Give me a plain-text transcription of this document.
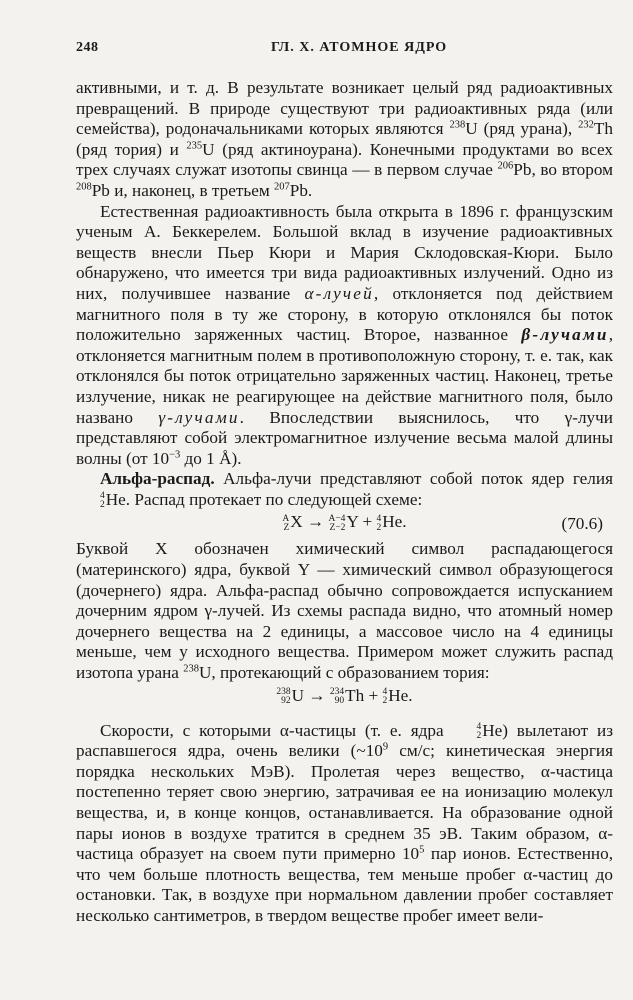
248	ГЛ. X. АТОМНОЕ ЯДРО

активными, и т. д. В результате возникает целый ряд радиоактивных превращений. В природе существуют три радиоактивных ряда (или семейства), родоначальниками которых являются $^{238}$U (ряд урана), $^{232}$Th (ряд тория) и $^{235}$U (ряд актиноурана). Конечными продуктами во всех трех случаях служат изотопы свинца — в первом случае $^{206}$Pb, во втором $^{208}$Pb и, наконец, в третьем $^{207}$Pb.

Естественная радиоактивность была открыта в 1896 г. французским ученым А. Беккерелем. Большой вклад в изучение радиоактивных веществ внесли Пьер Кюри и Мария Склодовская-Кюри. Было обнаружено, что имеется три вида радиоактивных излучений. Одно из них, получившее название α-лучей, отклоняется под действием магнитного поля в ту же сторону, в которую отклонялся бы поток положительно заряженных частиц. Второе, названное β-лучами, отклоняется магнитным полем в противоположную сторону, т. е. так, как отклонялся бы поток отрицательно заряженных частиц. Наконец, третье излучение, никак не реагирующее на действие магнитного поля, было названо γ-лучами. Впоследствии выяснилось, что γ-лучи представляют собой электромагнитное излучение весьма малой длины волны (от $10^{-3}$ до 1 Å).

Альфа-распад. Альфа-лучи представляют собой поток ядер гелия
4
2 He. Распад протекает по следующей схеме:

A
Z X → A−4
Z−2 Y + 4
2 He.	(70.6)

Буквой X обозначен химический символ распадающегося (материнского) ядра, буквой Y — химический символ образующегося (дочернего) ядра. Альфа-распад обычно сопровождается испусканием дочерним ядром γ-лучей. Из схемы распада видно, что атомный номер дочернего вещества на 2 единицы, а массовое число на 4 единицы меньше, чем у исходного вещества. Примером может служить распад изотопа урана $^{238}$U, протекающий с образованием тория:

238
92 U → 234
90 Th + 4
2 He.

Скорости, с которыми α-частицы (т. е. ядра	4
2 He) вылетают из распавшегося ядра, очень велики ($\sim 10^9$ см/с; кинетическая энергия порядка нескольких МэВ). Пролетая через вещество, α-частица постепенно теряет свою энергию, затрачивая ее на ионизацию молекул вещества, и, в конце концов, останавливается. На образование одной пары ионов в воздухе тратится в среднем 35 эВ. Таким образом, α-частица образует на своем пути примерно $10^5$ пар ионов. Естественно, что чем больше плотность вещества, тем меньше пробег α-частиц до остановки. Так, в воздухе при нормальном давлении пробег составляет несколько сантиметров, в твердом веществе пробег имеет вели-
